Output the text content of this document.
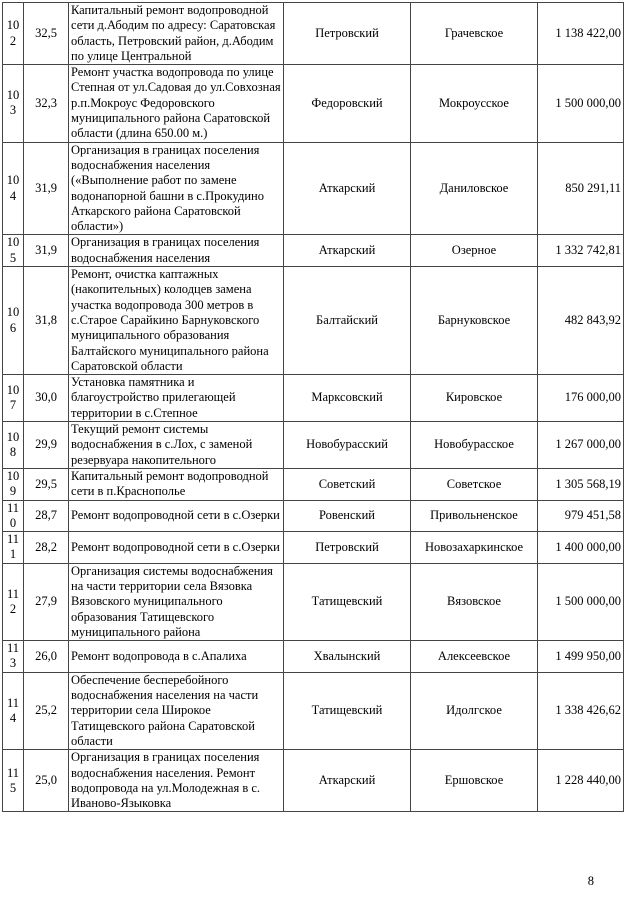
102	32,5	Капитальный ремонт водопроводной сети д.Абодим по адресу: Саратовская область, Петровский район, д.Абодим по улице Центральной	Петровский	Грачевское	1 138 422,00
103	32,3	Ремонт участка водопровода по улице Степная от ул.Садовая до ул.Совхозная р.п.Мокроус Федоровского муниципального района Саратовской области (длина 650.00 м.)	Федоровский	Мокроусское	1 500 000,00
104	31,9	Организация в границах поселения водоснабжения населения («Выполнение работ по замене водонапорной башни в с.Прокудино Аткарского района Саратовской области»)	Аткарский	Даниловское	850 291,11
105	31,9	Организация в границах поселения водоснабжения населения	Аткарский	Озерное	1 332 742,81
106	31,8	Ремонт, очистка каптажных (накопительных) колодцев замена участка водопровода 300 метров в с.Старое Сарайкино Барнуковского муниципального образования Балтайского муниципального района Саратовской области	Балтайский	Барнуковское	482 843,92
107	30,0	Установка памятника и благоустройство прилегающей территории в с.Степное	Марксовский	Кировское	176 000,00
108	29,9	Текущий ремонт системы водоснабжения в с.Лох, с заменой резервуара накопительного	Новобурасский	Новобурасское	1 267 000,00
109	29,5	Капитальный ремонт водопроводной сети в п.Краснополье	Советский	Советское	1 305 568,19
110	28,7	Ремонт водопроводной сети в с.Озерки	Ровенский	Привольненское	979 451,58
111	28,2	Ремонт водопроводной сети в с.Озерки	Петровский	Новозахаркинское	1 400 000,00
112	27,9	Организация системы водоснабжения на части территории села Вязовка Вязовского муниципального образования Татищевского муниципального района	Татищевский	Вязовское	1 500 000,00
113	26,0	Ремонт водопровода в с.Апалиха	Хвалынский	Алексеевское	1 499 950,00
114	25,2	Обеспечение бесперебойного водоснабжения населения на части территории села Широкое Татищевского района Саратовской области	Татищевский	Идолгское	1 338 426,62
115	25,0	Организация в границах поселения водоснабжения населения. Ремонт водопровода на ул.Молодежная в с. Иваново-Языковка	Аткарский	Ершовское	1 228 440,00
8
